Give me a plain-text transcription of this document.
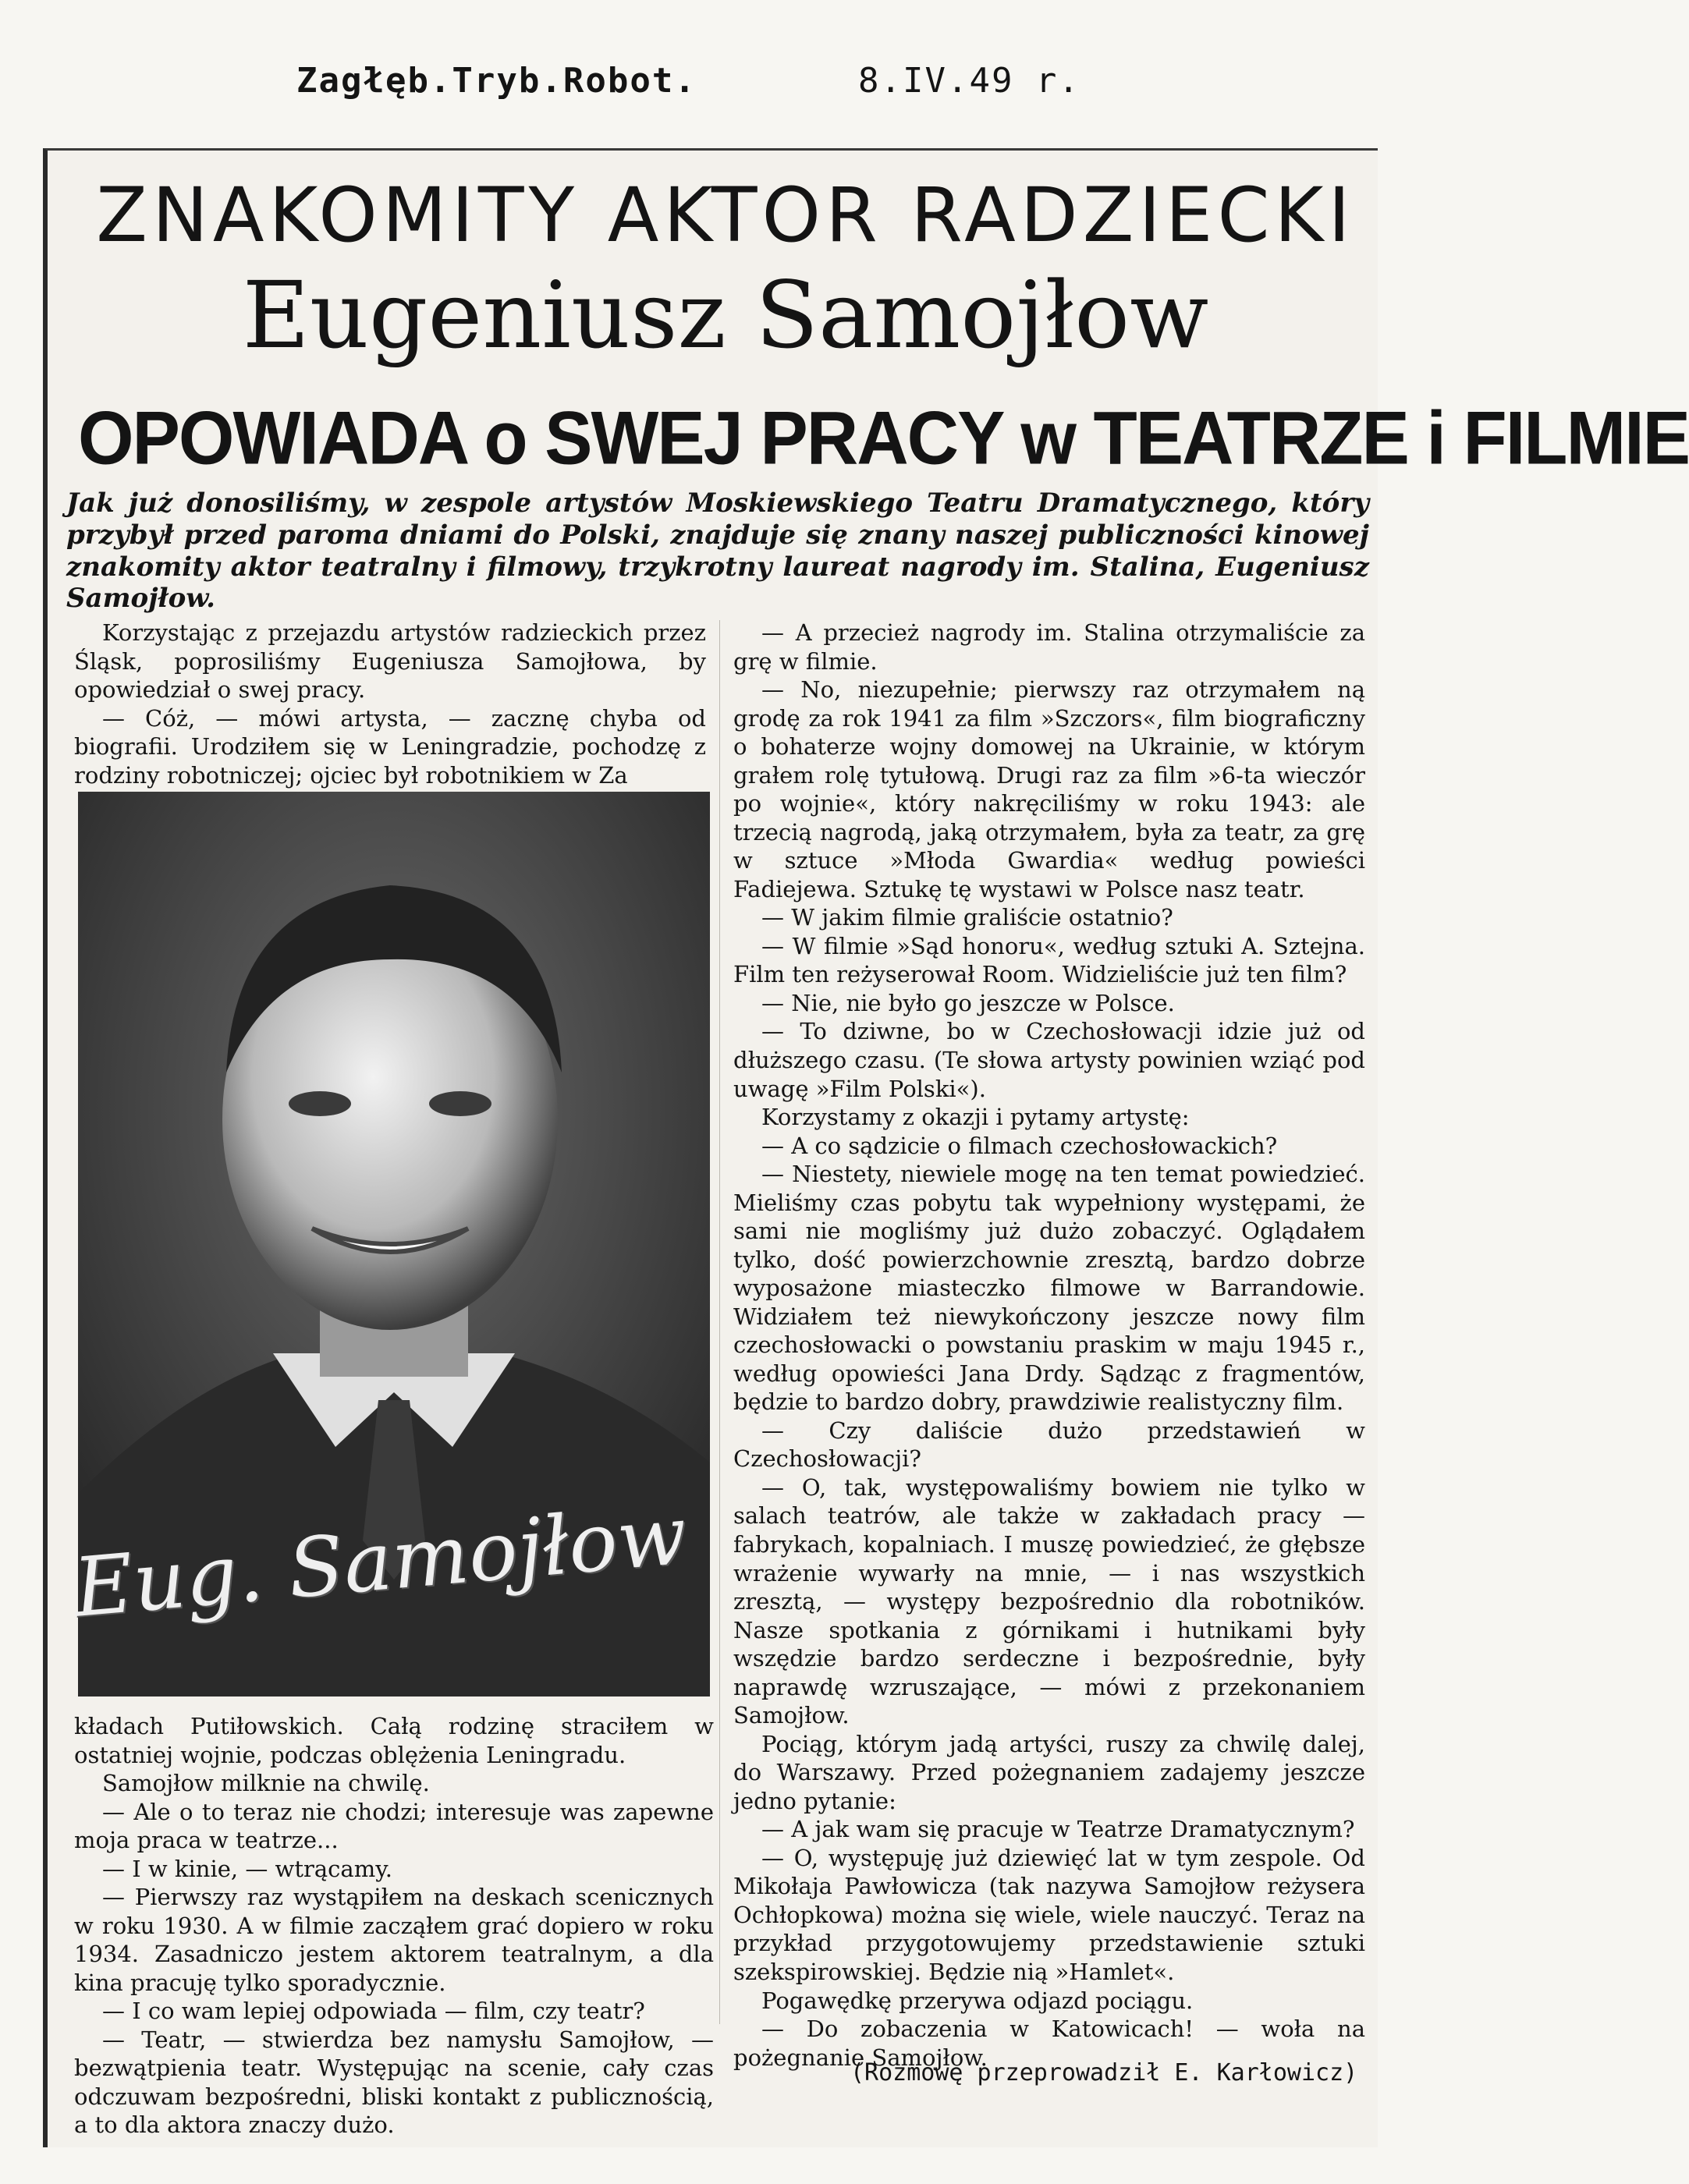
Zagłęb.Tryb.Robot.	8.IV.49 r.
ZNAKOMITY AKTOR RADZIECKI
Eugeniusz Samojłow
OPOWIADA o SWEJ PRACY w TEATRZE i FILMIE
Jak już donosiliśmy, w zespole artystów Moskiewskiego Teatru Dramatycznego, który przybył przed paroma dniami do Polski, znajduje się znany naszej publiczności kinowej znakomity aktor teatralny i filmowy, trzykrotny laureat nagrody im. Stalina, Eugeniusz Samojłow.

Korzystając z przejazdu artystów radzieckich przez Śląsk, poprosiliśmy Eugeniusza Samojłowa, by opowiedział o swej pracy.

— Cóż, — mówi artysta, — zacznę chyba od biografii. Urodziłem się w Leningradzie, pochodzę z rodziny robotniczej; ojciec był robotnikiem w Za

Eug. Samojłow

kładach Putiłowskich. Całą rodzinę straciłem w ostatniej wojnie, podczas oblężenia Leningradu.

Samojłow milknie na chwilę.

— Ale o to teraz nie chodzi; interesuje was zapewne moja praca w teatrze...

— I w kinie, — wtrącamy.

— Pierwszy raz wystąpiłem na deskach scenicznych w roku 1930. A w filmie zacząłem grać dopiero w roku 1934. Zasadniczo jestem aktorem teatralnym, a dla kina pracuję tylko sporadycznie.

— I co wam lepiej odpowiada — film, czy teatr?

— Teatr, — stwierdza bez namysłu Samojłow, — bezwątpienia teatr. Występując na scenie, cały czas odczuwam bezpośredni, bliski kontakt z publicznością, a to dla aktora znaczy dużo.

— A przecież nagrody im. Stalina otrzymaliście za grę w filmie.

— No, niezupełnie; pierwszy raz otrzymałem ną grodę za rok 1941 za film »Szczors«, film biograficzny o bohaterze wojny domowej na Ukrainie, w którym grałem rolę tytułową. Drugi raz za film »6-ta wieczór po wojnie«, który nakręciliśmy w roku 1943: ale trzecią nagrodą, jaką otrzymałem, była za teatr, za grę w sztuce »Młoda Gwardia« według powieści Fadiejewa. Sztukę tę wystawi w Polsce nasz teatr.

— W jakim filmie graliście ostatnio?

— W filmie »Sąd honoru«, według sztuki A. Sztejna. Film ten reżyserował Room. Widzieliście już ten film?

— Nie, nie było go jeszcze w Polsce.

— To dziwne, bo w Czechosłowacji idzie już od dłuższego czasu. (Te słowa artysty powinien wziąć pod uwagę »Film Polski«).

Korzystamy z okazji i pytamy artystę:

— A co sądzicie o filmach czechosłowackich?

— Niestety, niewiele mogę na ten temat powiedzieć. Mieliśmy czas pobytu tak wypełniony występami, że sami nie mogliśmy już dużo zobaczyć. Oglądałem tylko, dość powierzchownie zresztą, bardzo dobrze wyposażone miasteczko filmowe w Barrandowie. Widziałem też niewykończony jeszcze nowy film czechosłowacki o powstaniu praskim w maju 1945 r., według opowieści Jana Drdy. Sądząc z fragmentów, będzie to bardzo dobry, prawdziwie realistyczny film.

— Czy daliście dużo przedstawień w Czechosłowacji?

— O, tak, występowaliśmy bowiem nie tylko w salach teatrów, ale także w zakładach pracy — fabrykach, kopalniach. I muszę powiedzieć, że głębsze wrażenie wywarły na mnie, — i nas wszystkich zresztą, — występy bezpośrednio dla robotników. Nasze spotkania z górnikami i hutnikami były wszędzie bardzo serdeczne i bezpośrednie, były naprawdę wzruszające, — mówi z przekonaniem Samojłow.

Pociąg, którym jadą artyści, ruszy za chwilę dalej, do Warszawy. Przed pożegnaniem zadajemy jeszcze jedno pytanie:

— A jak wam się pracuje w Teatrze Dramatycznym?

— O, występuję już dziewięć lat w tym zespole. Od Mikołaja Pawłowicza (tak nazywa Samojłow reżysera Ochłopkowa) można się wiele, wiele nauczyć. Teraz na przykład przygotowujemy przedstawienie sztuki szekspirowskiej. Będzie nią »Hamlet«.

Pogawędkę przerywa odjazd pociągu.

— Do zobaczenia w Katowicach! — woła na pożegnanie Samojłow.

(Rozmowę przeprowadził E. Karłowicz)
